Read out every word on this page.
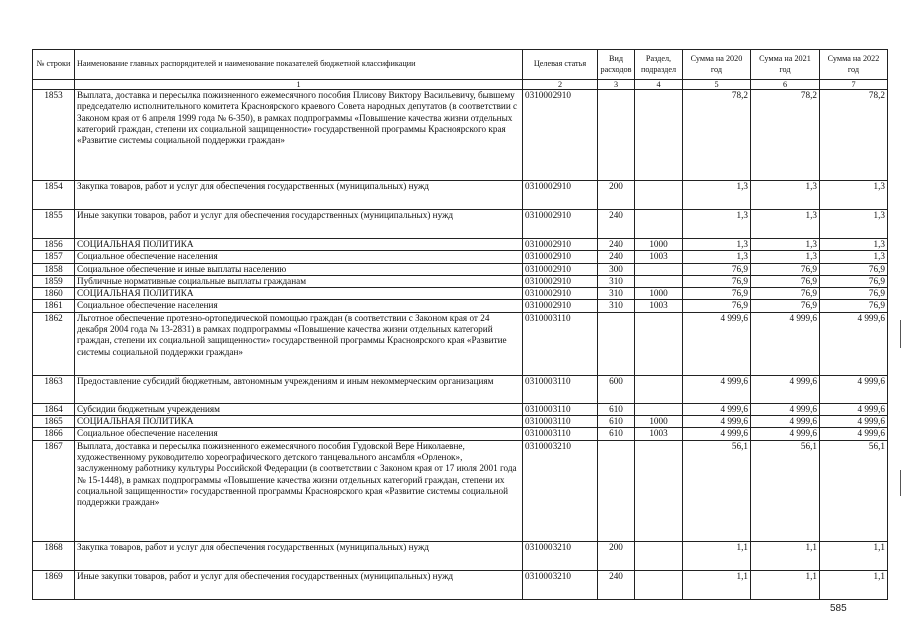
№ строки	Наименование главных распорядителей и наименование показателей бюджетной классификации	Целевая статья	Вид расходов	Раздел, подраздел	Сумма на 2020 год	Сумма на 2021 год	Сумма на 2022 год
	1	2	3	4	5	6	7
1853	Выплата, доставка и пересылка пожизненного ежемесячного пособия Плисову Виктору Васильевичу, бывшему председателю исполнительного комитета Красноярского краевого Совета народных депутатов (в соответствии с Законом края от 6 апреля 1999 года № 6-350), в рамках подпрограммы «Повышение качества жизни отдельных категорий граждан, степени их социальной защищенности» государственной программы Красноярского края «Развитие системы социальной поддержки граждан»	0310002910			78,2	78,2	78,2
1854	Закупка товаров, работ и услуг для обеспечения государственных (муниципальных) нужд	0310002910	200		1,3	1,3	1,3
1855	Иные закупки товаров, работ и услуг для обеспечения государственных (муниципальных) нужд	0310002910	240		1,3	1,3	1,3
1856	СОЦИАЛЬНАЯ ПОЛИТИКА	0310002910	240	1000	1,3	1,3	1,3
1857	Социальное обеспечение населения	0310002910	240	1003	1,3	1,3	1,3
1858	Социальное обеспечение и иные выплаты населению	0310002910	300		76,9	76,9	76,9
1859	Публичные нормативные социальные выплаты гражданам	0310002910	310		76,9	76,9	76,9
1860	СОЦИАЛЬНАЯ ПОЛИТИКА	0310002910	310	1000	76,9	76,9	76,9
1861	Социальное обеспечение населения	0310002910	310	1003	76,9	76,9	76,9
1862	Льготное обеспечение протезно-ортопедической помощью граждан (в соответствии с Законом края от 24 декабря 2004 года № 13-2831) в рамках подпрограммы «Повышение качества жизни отдельных категорий граждан, степени их социальной защищенности» государственной программы Красноярского края «Развитие системы социальной поддержки граждан»	0310003110			4 999,6	4 999,6	4 999,6
1863	Предоставление субсидий бюджетным, автономным учреждениям и иным некоммерческим организациям	0310003110	600		4 999,6	4 999,6	4 999,6
1864	Субсидии бюджетным учреждениям	0310003110	610		4 999,6	4 999,6	4 999,6
1865	СОЦИАЛЬНАЯ ПОЛИТИКА	0310003110	610	1000	4 999,6	4 999,6	4 999,6
1866	Социальное обеспечение населения	0310003110	610	1003	4 999,6	4 999,6	4 999,6
1867	Выплата, доставка и пересылка пожизненного ежемесячного пособия Гудовской Вере Николаевне, художественному руководителю хореографического детского танцевального ансамбля «Орленок», заслуженному работнику культуры Российской Федерации (в соответствии с Законом края от 17 июля 2001 года № 15-1448), в рамках подпрограммы «Повышение качества жизни отдельных категорий граждан, степени их социальной защищенности» государственной программы Красноярского края «Развитие системы социальной поддержки граждан»	0310003210			56,1	56,1	56,1
1868	Закупка товаров, работ и услуг для обеспечения государственных (муниципальных) нужд	0310003210	200		1,1	1,1	1,1
1869	Иные закупки товаров, работ и услуг для обеспечения государственных (муниципальных) нужд	0310003210	240		1,1	1,1	1,1
585
